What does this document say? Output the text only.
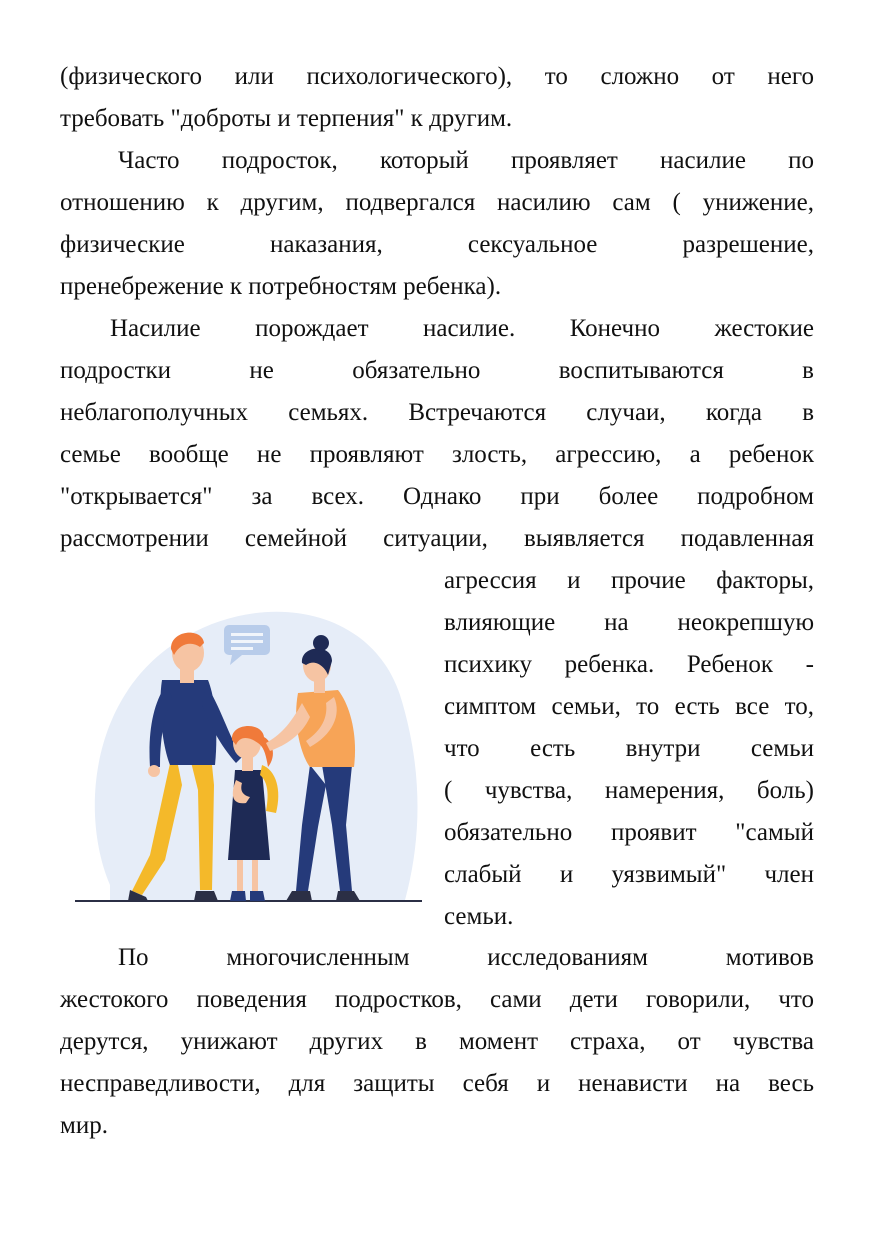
(физического или психологического), то сложно от него
требовать "доброты и терпения" к другим.
Часто подросток, который проявляет насилие по
отношению к другим, подвергался насилию сам ( унижение,
физические наказания, сексуальное разрешение,
пренебрежение к потребностям ребенка).
Насилие порождает насилие. Конечно жестокие
подростки не обязательно воспитываются в
неблагополучных семьях. Встречаются случаи, когда в
семье вообще не проявляют злость, агрессию, а ребенок
"открывается" за всех. Однако при более подробном
рассмотрении семейной ситуации, выявляется подавленная
агрессия и прочие факторы,
влияющие на неокрепшую
психику ребенка. Ребенок -
симптом семьи, то есть все то,
что есть внутри семьи
( чувства, намерения, боль)
обязательно проявит "самый
слабый и уязвимый" член
семьи.
По многочисленным исследованиям мотивов
жестокого поведения подростков, сами дети говорили, что
дерутся, унижают других в момент страха, от чувства
несправедливости, для защиты себя и ненависти на весь
мир.
